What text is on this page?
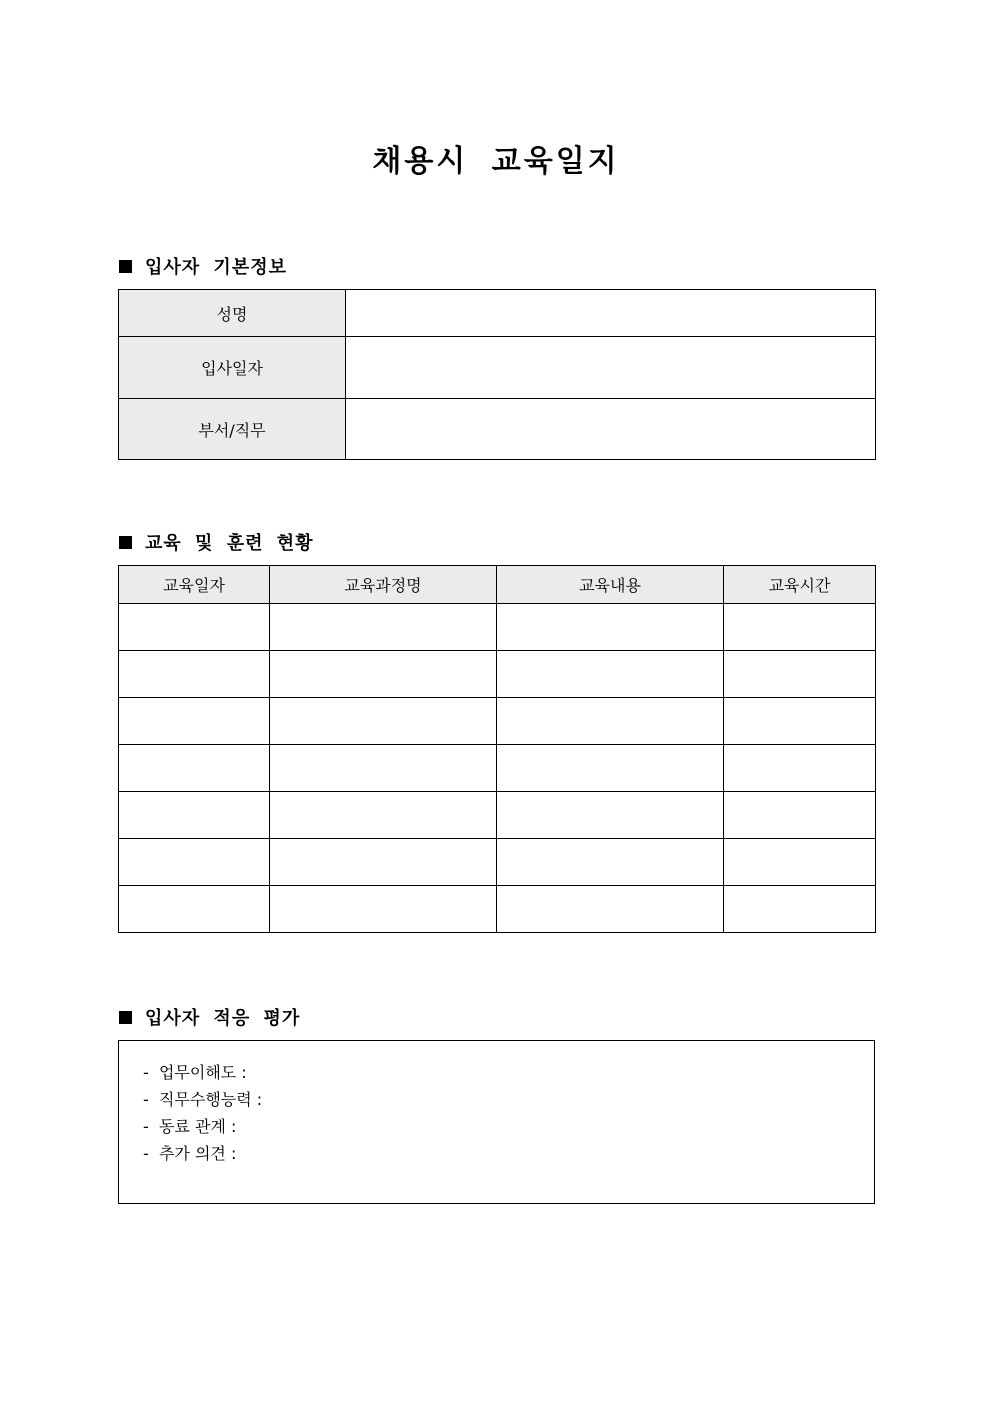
채용시 교육일지
입사자 기본정보
성명	
입사일자	
부서/직무	
교육 및 훈련 현황
교육일자	교육과정명	교육내용	교육시간

입사자 적응 평가
-  업무이해도 :
-  직무수행능력 :
-  동료 관계 :
-  추가 의견 :
